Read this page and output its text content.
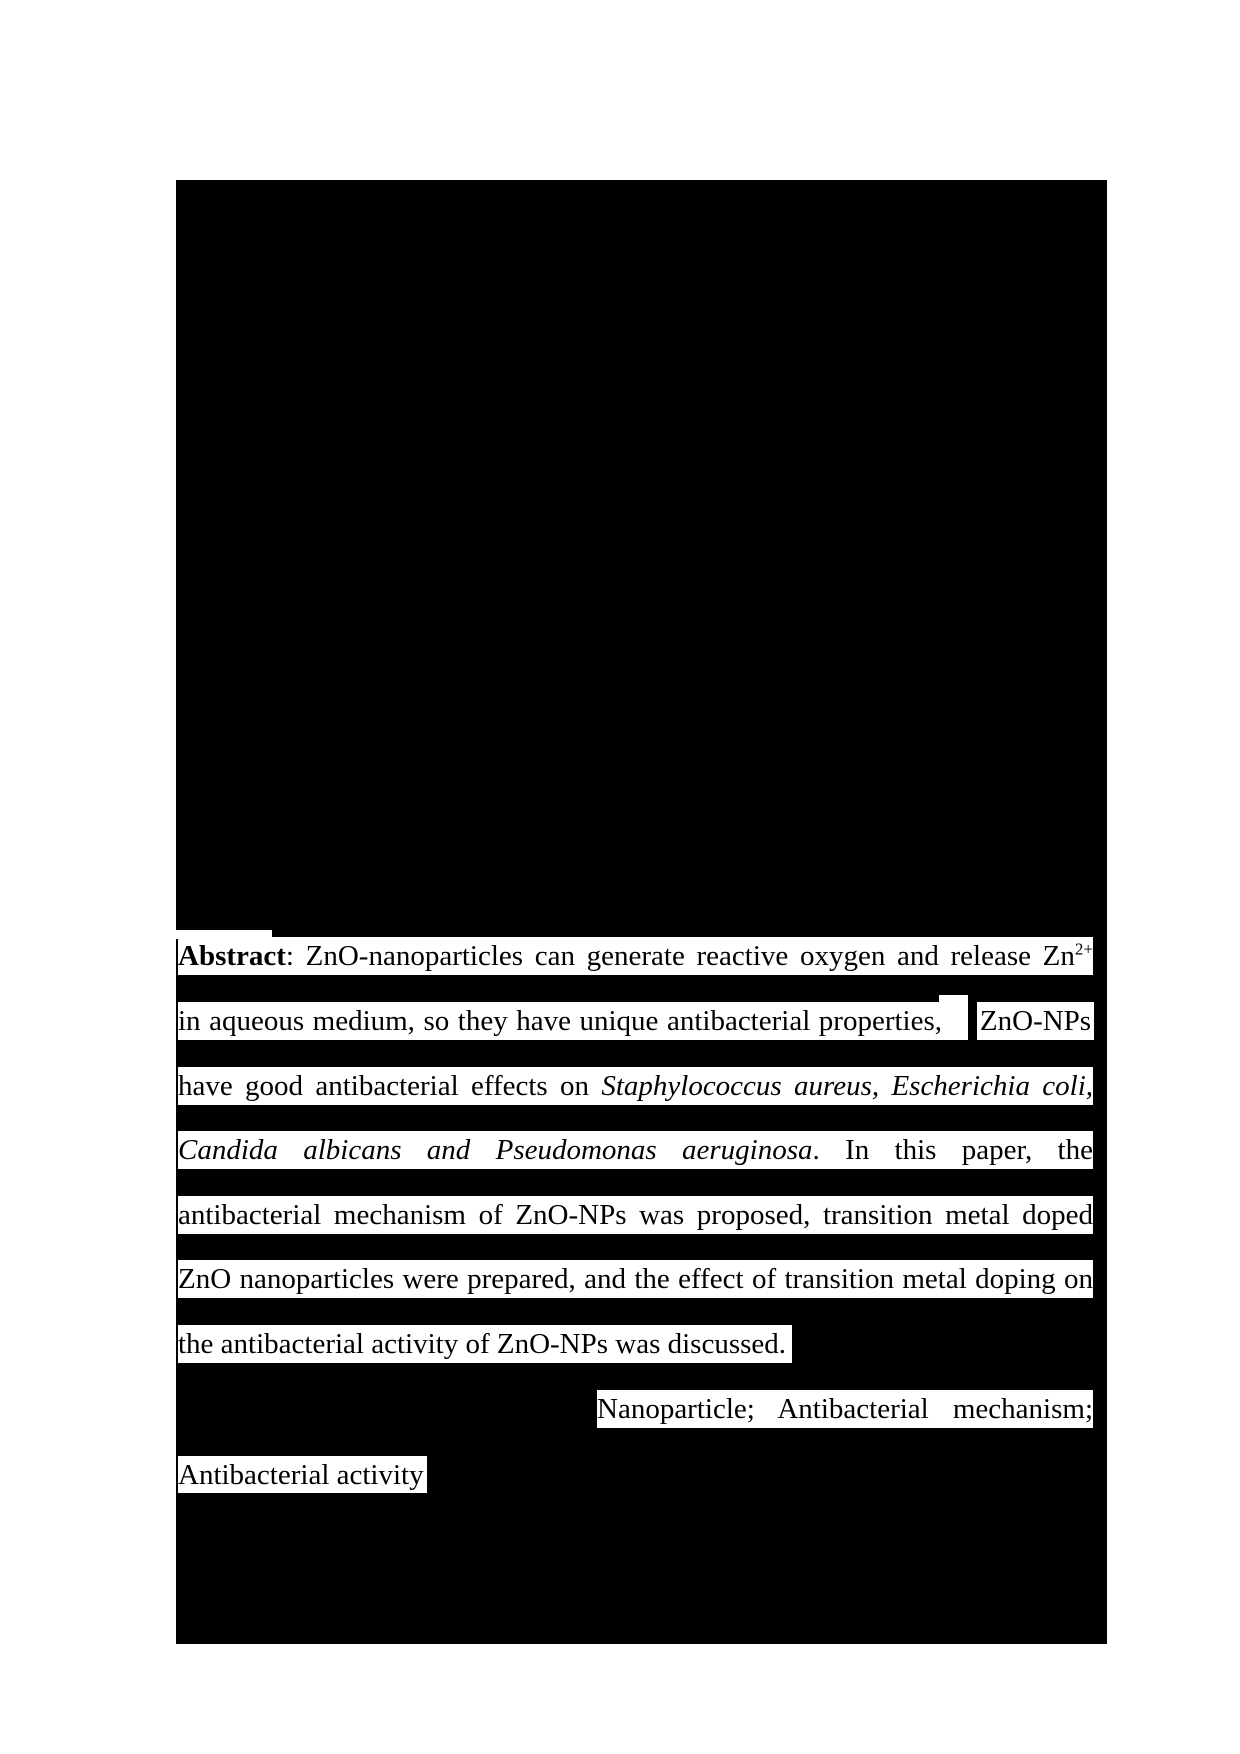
Abstract: ZnO-nanoparticles can generate reactive oxygen and release $Zn^{2+}$
in aqueous medium, so they have unique antibacterial properties,	ZnO-NPs
have good antibacterial effects on Staphylococcus aureus, Escherichia coli,
Candida albicans and Pseudomonas aeruginosa. In this paper, the
antibacterial mechanism of ZnO-NPs was proposed, transition metal doped
ZnO nanoparticles were prepared, and the effect of transition metal doping on
the antibacterial activity of ZnO-NPs was discussed.
Nanoparticle; Antibacterial mechanism;
Antibacterial activity
